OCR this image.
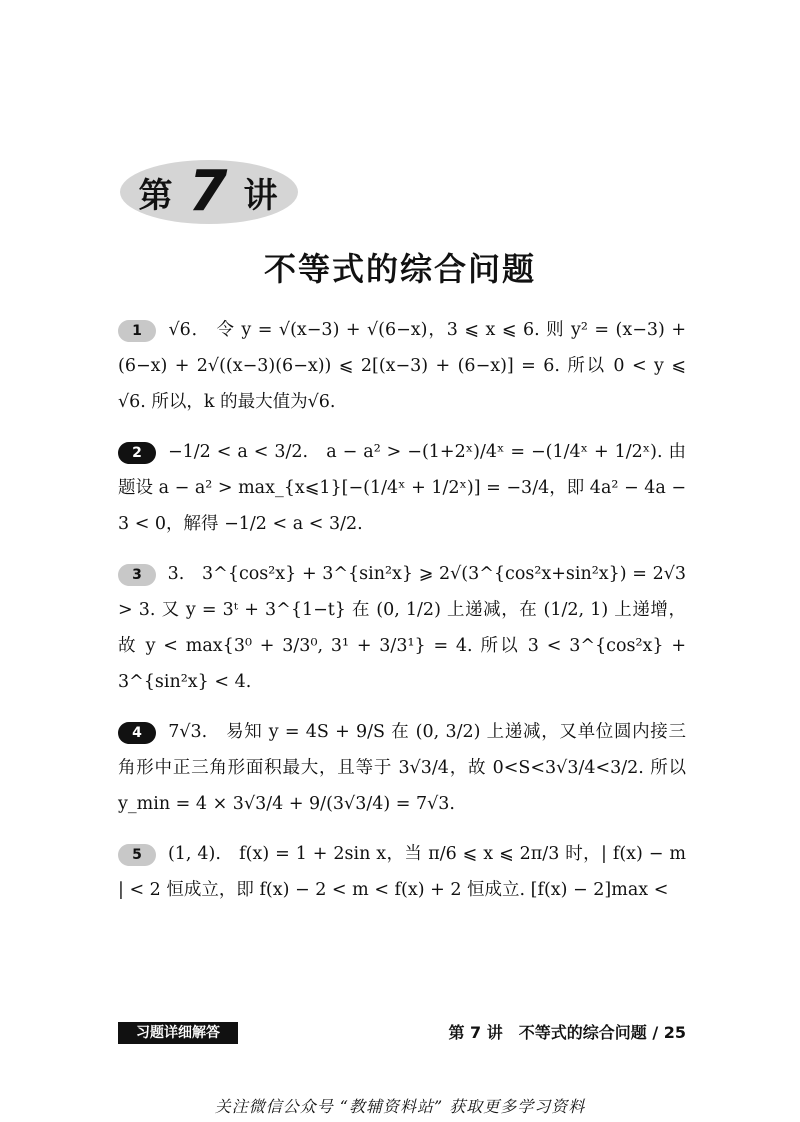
第 7 讲
不等式的综合问题
1 √6． 令 y = √(x−3) + √(6−x)，3 ⩽ x ⩽ 6. 则 y² = (x−3) + (6−x) + 2√((x−3)(6−x)) ⩽ 2[(x−3) + (6−x)] = 6. 所以 0 < y ⩽ √6. 所以，k 的最大值为√6.
2 −1/2 < a < 3/2.　a − a² > −(1+2ˣ)/4ˣ = −(1/4ˣ + 1/2ˣ). 由题设 a − a² > max_{x⩽1}[−(1/4ˣ + 1/2ˣ)] = −3/4，即 4a² − 4a − 3 < 0，解得 −1/2 < a < 3/2.
3 3.　3^{cos²x} + 3^{sin²x} ⩾ 2√(3^{cos²x+sin²x}) = 2√3 > 3. 又 y = 3ᵗ + 3^{1−t} 在 (0, 1/2) 上递减，在 (1/2, 1) 上递增，故 y < max{3⁰ + 3/3⁰, 3¹ + 3/3¹} = 4. 所以 3 < 3^{cos²x} + 3^{sin²x} < 4.
4 7√3.　易知 y = 4S + 9/S 在 (0, 3/2) 上递减，又单位圆内接三角形中正三角形面积最大，且等于 3√3/4，故 0<S<3√3/4<3/2. 所以 y_min = 4 × 3√3/4 + 9/(3√3/4) = 7√3.
5 (1, 4).　f(x) = 1 + 2sin x，当 π/6 ⩽ x ⩽ 2π/3 时，| f(x) − m | < 2 恒成立，即 f(x) − 2 < m < f(x) + 2 恒成立. [f(x) − 2]max <
习题详细解答	第 7 讲　不等式的综合问题 / 25
关注微信公众号 “教辅资料站” 获取更多学习资料
